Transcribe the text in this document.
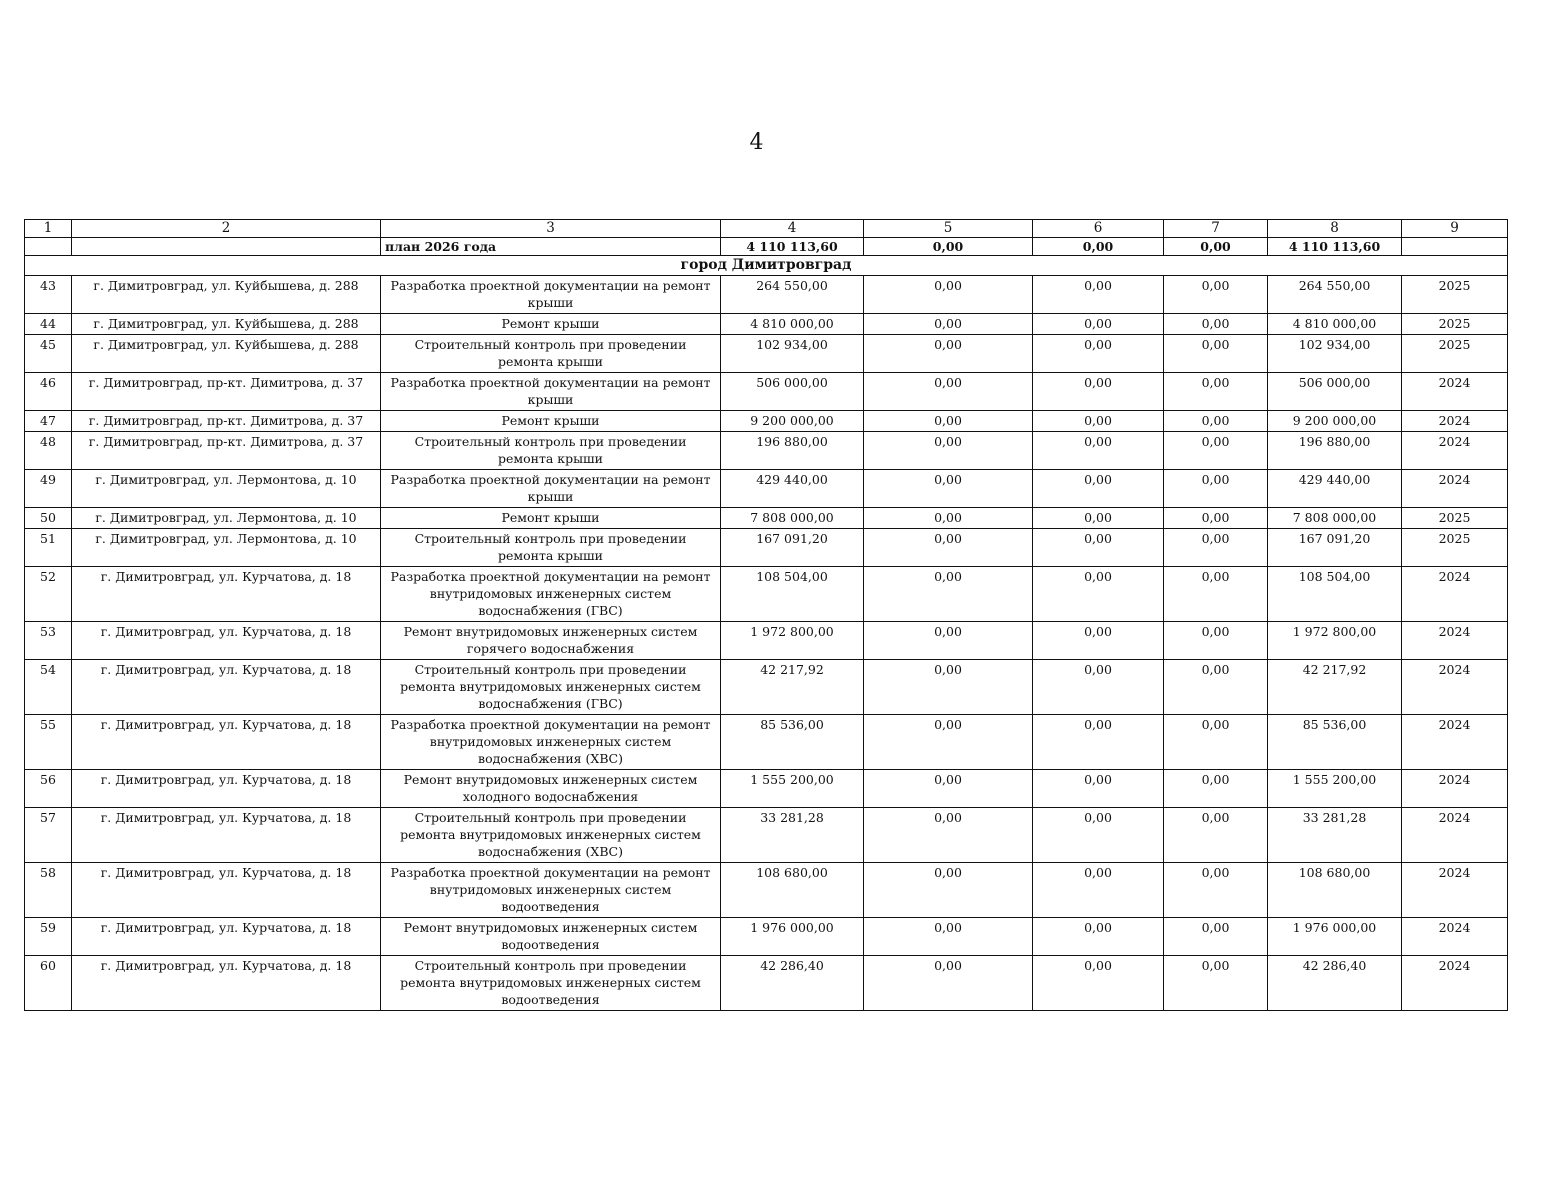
4
1	2	3	4	5	6	7	8	9
		план 2026 года	4 110 113,60	0,00	0,00	0,00	4 110 113,60	
город Димитровград								
43	г. Димитровград, ул. Куйбышева, д. 288	Разработка проектной документации на ремонт крыши	264 550,00	0,00	0,00	0,00	264 550,00	2025
44	г. Димитровград, ул. Куйбышева, д. 288	Ремонт крыши	4 810 000,00	0,00	0,00	0,00	4 810 000,00	2025
45	г. Димитровград, ул. Куйбышева, д. 288	Строительный контроль при проведении ремонта крыши	102 934,00	0,00	0,00	0,00	102 934,00	2025
46	г. Димитровград, пр-кт. Димитрова, д. 37	Разработка проектной документации на ремонт крыши	506 000,00	0,00	0,00	0,00	506 000,00	2024
47	г. Димитровград, пр-кт. Димитрова, д. 37	Ремонт крыши	9 200 000,00	0,00	0,00	0,00	9 200 000,00	2024
48	г. Димитровград, пр-кт. Димитрова, д. 37	Строительный контроль при проведении ремонта крыши	196 880,00	0,00	0,00	0,00	196 880,00	2024
49	г. Димитровград, ул. Лермонтова, д. 10	Разработка проектной документации на ремонт крыши	429 440,00	0,00	0,00	0,00	429 440,00	2024
50	г. Димитровград, ул. Лермонтова, д. 10	Ремонт крыши	7 808 000,00	0,00	0,00	0,00	7 808 000,00	2025
51	г. Димитровград, ул. Лермонтова, д. 10	Строительный контроль при проведении ремонта крыши	167 091,20	0,00	0,00	0,00	167 091,20	2025
52	г. Димитровград, ул. Курчатова, д. 18	Разработка проектной документации на ремонт внутридомовых инженерных систем водоснабжения (ГВС)	108 504,00	0,00	0,00	0,00	108 504,00	2024
53	г. Димитровград, ул. Курчатова, д. 18	Ремонт внутридомовых инженерных систем горячего водоснабжения	1 972 800,00	0,00	0,00	0,00	1 972 800,00	2024
54	г. Димитровград, ул. Курчатова, д. 18	Строительный контроль при проведении ремонта внутридомовых инженерных систем водоснабжения (ГВС)	42 217,92	0,00	0,00	0,00	42 217,92	2024
55	г. Димитровград, ул. Курчатова, д. 18	Разработка проектной документации на ремонт внутридомовых инженерных систем водоснабжения (ХВС)	85 536,00	0,00	0,00	0,00	85 536,00	2024
56	г. Димитровград, ул. Курчатова, д. 18	Ремонт внутридомовых инженерных систем холодного водоснабжения	1 555 200,00	0,00	0,00	0,00	1 555 200,00	2024
57	г. Димитровград, ул. Курчатова, д. 18	Строительный контроль при проведении ремонта внутридомовых инженерных систем водоснабжения (ХВС)	33 281,28	0,00	0,00	0,00	33 281,28	2024
58	г. Димитровград, ул. Курчатова, д. 18	Разработка проектной документации на ремонт внутридомовых инженерных систем водоотведения	108 680,00	0,00	0,00	0,00	108 680,00	2024
59	г. Димитровград, ул. Курчатова, д. 18	Ремонт внутридомовых инженерных систем водоотведения	1 976 000,00	0,00	0,00	0,00	1 976 000,00	2024
60	г. Димитровград, ул. Курчатова, д. 18	Строительный контроль при проведении ремонта внутридомовых инженерных систем водоотведения	42 286,40	0,00	0,00	0,00	42 286,40	2024
